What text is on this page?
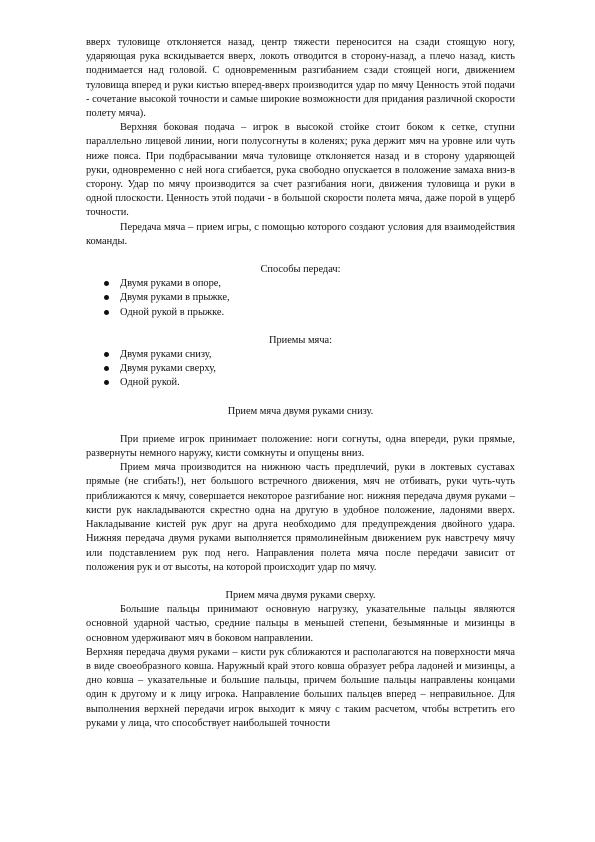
вверх туловище отклоняется назад, центр тяжести переносится на сзади стоящую ногу, ударяющая рука вскидывается вверх, локоть отводится в сторону-назад, а плечо назад, кисть поднимается над головой. С одновременным разгибанием сзади стоящей ноги, движением туловища вперед и руки кистью вперед-вверх производится удар по мячу Ценность этой подачи - сочетание высокой точности и самые широкие возможности для придания различной скорости полету мяча).

Верхняя боковая подача – игрок в высокой стойке стоит боком к сетке, ступни параллельно лицевой линии, ноги полусогнуты в коленях; рука держит мяч на уровне или чуть ниже пояса. При подбрасывании мяча туловище отклоняется назад и в сторону ударяющей руки, одновременно с ней нога сгибается, рука свободно опускается в положение замаха вниз-в сторону. Удар по мячу производится за счет разгибания ноги, движения туловища и руки в одной плоскости. Ценность этой подачи - в большой скорости полета мяча, даже порой в ущерб точности.

Передача мяча – прием игры, с помощью которого создают условия для взаимодействия команды.

Способы передач:

Двумя руками в опоре,
Двумя руками в прыжке,
Одной рукой в прыжке.

Приемы мяча:

Двумя руками снизу,
Двумя руками сверху,
Одной рукой.

Прием мяча двумя руками снизу.

При приеме игрок принимает положение: ноги согнуты, одна впереди, руки прямые, развернуты немного наружу, кисти сомкнуты и опущены вниз.

Прием мяча производится на нижнюю часть предплечий, руки в локтевых суставах прямые (не сгибать!), нет большого встречного движения, мяч не отбивать, руки чуть-чуть приближаются к мячу, совершается некоторое разгибание ног. нижняя передача двумя руками – кисти рук накладываются скрестно одна на другую в удобное положение, ладонями вверх. Накладывание кистей рук друг на друга необходимо для предупреждения двойного удара. Нижняя передача двумя руками выполняется прямолинейным движением рук навстречу мячу или подставлением рук под него. Направления полета мяча после передачи зависит от положения рук и от высоты, на которой происходит удар по мячу.

Прием мяча двумя руками сверху.

Большие пальцы принимают основную нагрузку, указательные пальцы являются основной ударной частью, средние пальцы в меньшей степени, безымянные и мизинцы в основном удерживают мяч в боковом направлении.

Верхняя передача двумя руками – кисти рук сближаются и располагаются на поверхности мяча в виде своеобразного ковша. Наружный край этого ковша образует ребра ладоней и мизинцы, а дно ковша – указательные и большие пальцы, причем большие пальцы направлены концами один к другому и к лицу игрока. Направление больших пальцев вперед – неправильное. Для выполнения верхней передачи игрок выходит к мячу с таким расчетом, чтобы встретить его руками у лица, что способствует наибольшей точности
